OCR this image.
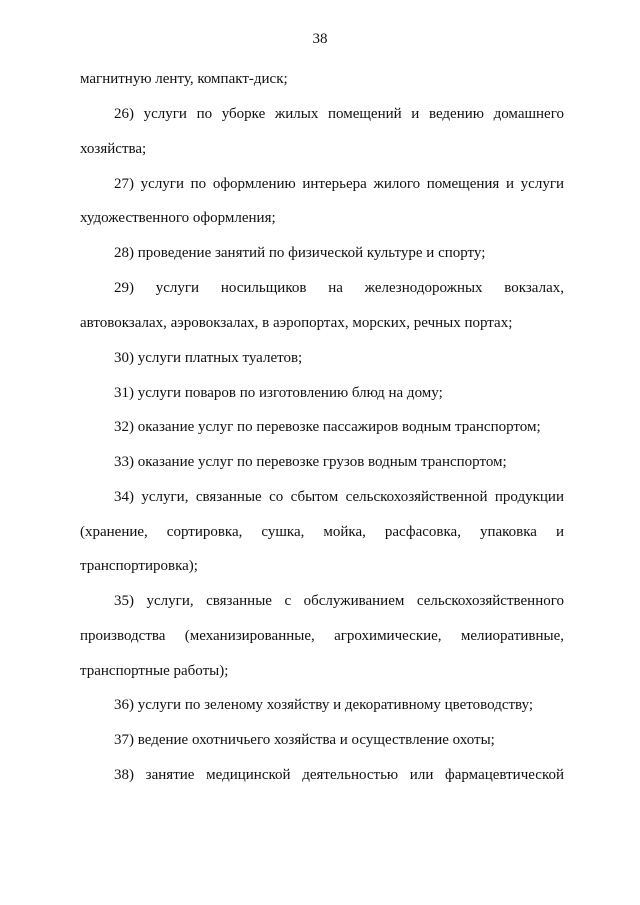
38
магнитную ленту, компакт-диск;
26) услуги по уборке жилых помещений и ведению домашнего
хозяйства;
27) услуги по оформлению интерьера жилого помещения и услуги
художественного оформления;
28) проведение занятий по физической культуре и спорту;
29) услуги носильщиков на железнодорожных вокзалах,
автовокзалах, аэровокзалах, в аэропортах, морских, речных портах;
30) услуги платных туалетов;
31) услуги поваров по изготовлению блюд на дому;
32) оказание услуг по перевозке пассажиров водным транспортом;
33) оказание услуг по перевозке грузов водным транспортом;
34) услуги, связанные со сбытом сельскохозяйственной продукции
(хранение, сортировка, сушка, мойка, расфасовка, упаковка и
транспортировка);
35) услуги, связанные с обслуживанием сельскохозяйственного
производства (механизированные, агрохимические, мелиоративные,
транспортные работы);
36) услуги по зеленому хозяйству и декоративному цветоводству;
37) ведение охотничьего хозяйства и осуществление охоты;
38) занятие медицинской деятельностью или фармацевтической
